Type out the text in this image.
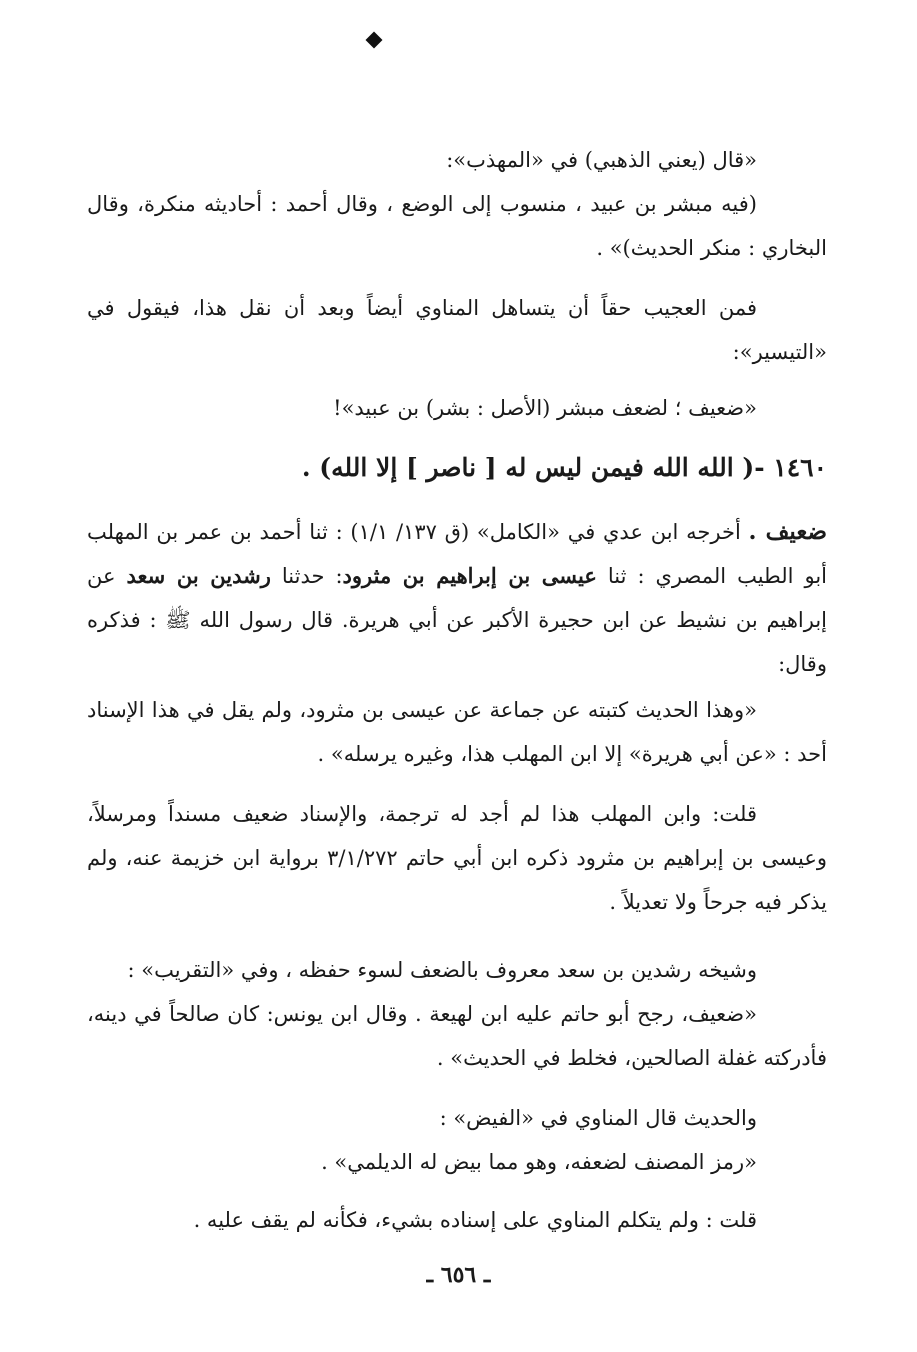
«قال (يعني الذهبي) في «المهذب»:

(فيه مبشر بن عبيد ، منسوب إلى الوضع ، وقال أحمد : أحاديثه منكرة، وقال البخاري : منكر الحديث)» .

فمن العجيب حقاً أن يتساهل المناوي أيضاً وبعد أن نقل هذا، فيقول في «التيسير»:

«ضعيف ؛ لضعف مبشر (الأصل : بشر) بن عبيد»!

١٤٦٠ -( الله الله فيمن ليس له [ ناصر ] إلا الله) .

ضعيف . أخرجه ابن عدي في «الكامل» (ق ١٣٧/ ١/١) : ثنا أحمد بن عمر بن المهلب أبو الطيب المصري : ثنا عيسى بن إبراهيم بن مثرود: حدثنا رشدين بن سعد عن إبراهيم بن نشيط عن ابن حجيرة الأكبر عن أبي هريرة. قال رسول الله ﷺ : فذكره وقال:

«وهذا الحديث كتبته عن جماعة عن عيسى بن مثرود، ولم يقل في هذا الإسناد أحد : «عن أبي هريرة» إلا ابن المهلب هذا، وغيره يرسله» .

قلت: وابن المهلب هذا لم أجد له ترجمة، والإسناد ضعيف مسنداً ومرسلاً، وعيسى بن إبراهيم بن مثرود ذكره ابن أبي حاتم ٣/١/٢٧٢ برواية ابن خزيمة عنه، ولم يذكر فيه جرحاً ولا تعديلاً .

وشيخه رشدين بن سعد معروف بالضعف لسوء حفظه ، وفي «التقريب» :

«ضعيف، رجح أبو حاتم عليه ابن لهيعة . وقال ابن يونس: كان صالحاً في دينه، فأدركته غفلة الصالحين، فخلط في الحديث» .

والحديث قال المناوي في «الفيض» :

«رمز المصنف لضعفه، وهو مما بيض له الديلمي» .

قلت : ولم يتكلم المناوي على إسناده بشيء، فكأنه لم يقف عليه .

ـ ٦٥٦ ـ
